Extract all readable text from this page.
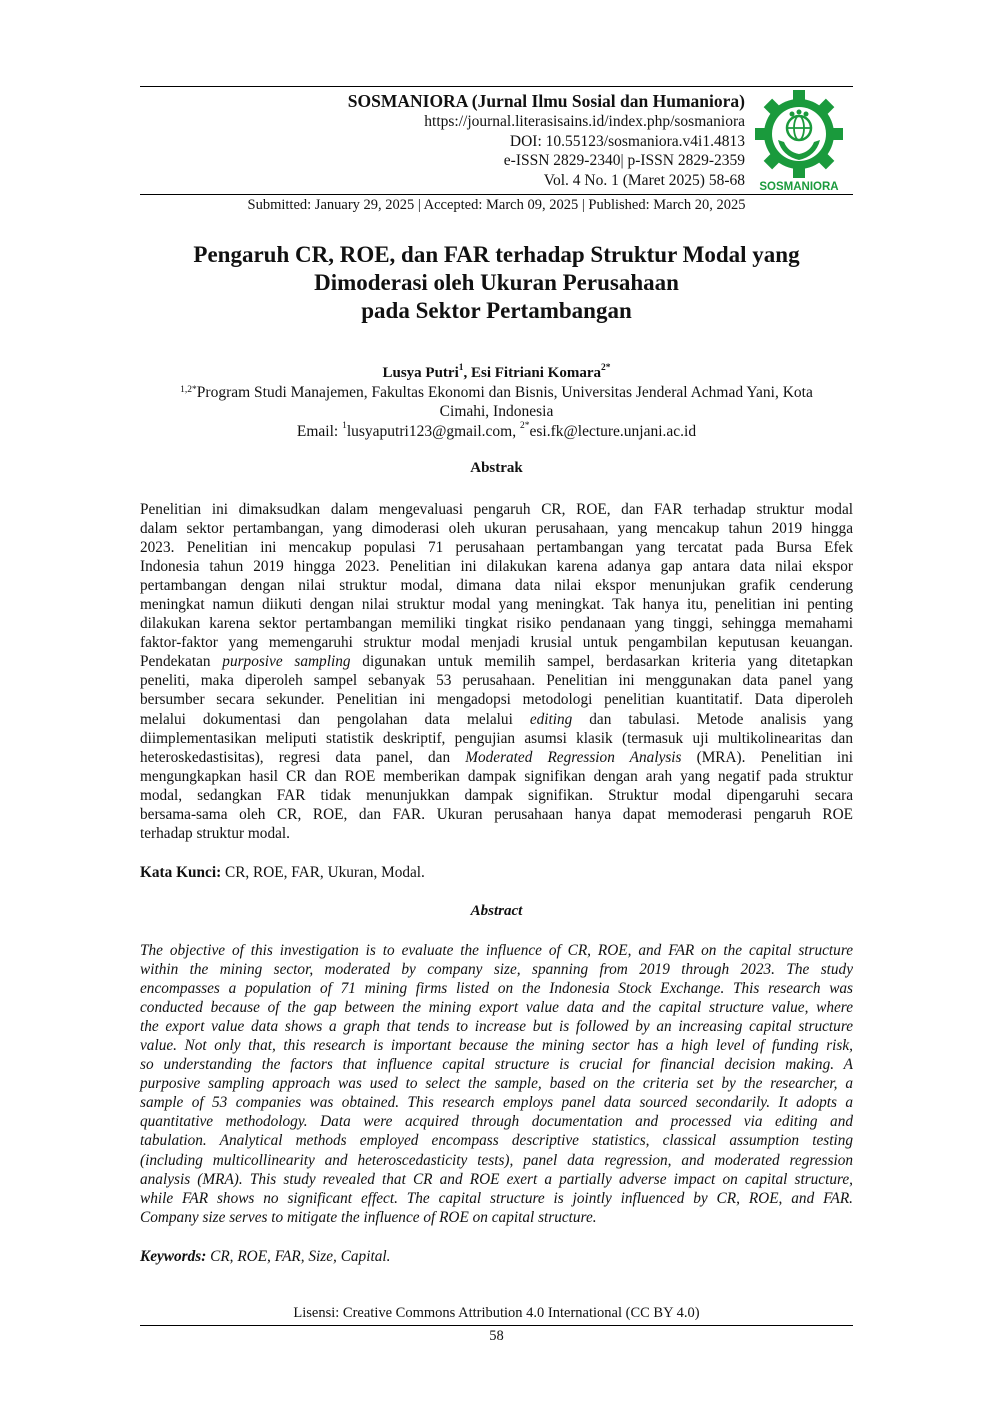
SOSMANIORA (Jurnal Ilmu Sosial dan Humaniora)
https://journal.literasisains.id/index.php/sosmaniora
DOI: 10.55123/sosmaniora.v4i1.4813
e-ISSN 2829-2340| p-ISSN 2829-2359
Vol. 4 No. 1 (Maret 2025) 58-68 SOSMANIORA
Submitted: January 29, 2025 | Accepted: March 09, 2025 | Published: March 20, 2025
Pengaruh CR, ROE, dan FAR terhadap Struktur Modal yang
Dimoderasi oleh Ukuran Perusahaan
pada Sektor Pertambangan
Lusya Putri$^1$, Esi Fitriani Komara$^{2*}$
$^{1,2*}$Program Studi Manajemen, Fakultas Ekonomi dan Bisnis, Universitas Jenderal Achmad Yani, Kota
Cimahi, Indonesia
Email: $^1$lusyaputri123@gmail.com, $^{2*}$esi.fk@lecture.unjani.ac.id
Abstrak
Penelitian ini dimaksudkan dalam mengevaluasi pengaruh CR, ROE, dan FAR terhadap struktur modal
dalam sektor pertambangan, yang dimoderasi oleh ukuran perusahaan, yang mencakup tahun 2019 hingga
2023. Penelitian ini mencakup populasi 71 perusahaan pertambangan yang tercatat pada Bursa Efek
Indonesia tahun 2019 hingga 2023. Penelitian ini dilakukan karena adanya gap antara data nilai ekspor
pertambangan dengan nilai struktur modal, dimana data nilai ekspor menunjukan grafik cenderung
meningkat namun diikuti dengan nilai struktur modal yang meningkat. Tak hanya itu, penelitian ini penting
dilakukan karena sektor pertambangan memiliki tingkat risiko pendanaan yang tinggi, sehingga memahami
faktor-faktor yang memengaruhi struktur modal menjadi krusial untuk pengambilan keputusan keuangan.
Pendekatan purposive sampling digunakan untuk memilih sampel, berdasarkan kriteria yang ditetapkan
peneliti, maka diperoleh sampel sebanyak 53 perusahaan. Penelitian ini menggunakan data panel yang
bersumber secara sekunder. Penelitian ini mengadopsi metodologi penelitian kuantitatif. Data diperoleh
melalui dokumentasi dan pengolahan data melalui editing dan tabulasi. Metode analisis yang
diimplementasikan meliputi statistik deskriptif, pengujian asumsi klasik (termasuk uji multikolinearitas dan
heteroskedastisitas), regresi data panel, dan Moderated Regression Analysis (MRA). Penelitian ini
mengungkapkan hasil CR dan ROE memberikan dampak signifikan dengan arah yang negatif pada struktur
modal, sedangkan FAR tidak menunjukkan dampak signifikan. Struktur modal dipengaruhi secara
bersama-sama oleh CR, ROE, dan FAR. Ukuran perusahaan hanya dapat memoderasi pengaruh ROE
terhadap struktur modal.
Kata Kunci: CR, ROE, FAR, Ukuran, Modal.
Abstract
The objective of this investigation is to evaluate the influence of CR, ROE, and FAR on the capital structure
within the mining sector, moderated by company size, spanning from 2019 through 2023. The study
encompasses a population of 71 mining firms listed on the Indonesia Stock Exchange. This research was
conducted because of the gap between the mining export value data and the capital structure value, where
the export value data shows a graph that tends to increase but is followed by an increasing capital structure
value. Not only that, this research is important because the mining sector has a high level of funding risk,
so understanding the factors that influence capital structure is crucial for financial decision making. A
purposive sampling approach was used to select the sample, based on the criteria set by the researcher, a
sample of 53 companies was obtained. This research employs panel data sourced secondarily. It adopts a
quantitative methodology. Data were acquired through documentation and processed via editing and
tabulation. Analytical methods employed encompass descriptive statistics, classical assumption testing
(including multicollinearity and heteroscedasticity tests), panel data regression, and moderated regression
analysis (MRA). This study revealed that CR and ROE exert a partially adverse impact on capital structure,
while FAR shows no significant effect. The capital structure is jointly influenced by CR, ROE, and FAR.
Company size serves to mitigate the influence of ROE on capital structure.
Keywords: CR, ROE, FAR, Size, Capital.
Lisensi: Creative Commons Attribution 4.0 International (CC BY 4.0)
58
